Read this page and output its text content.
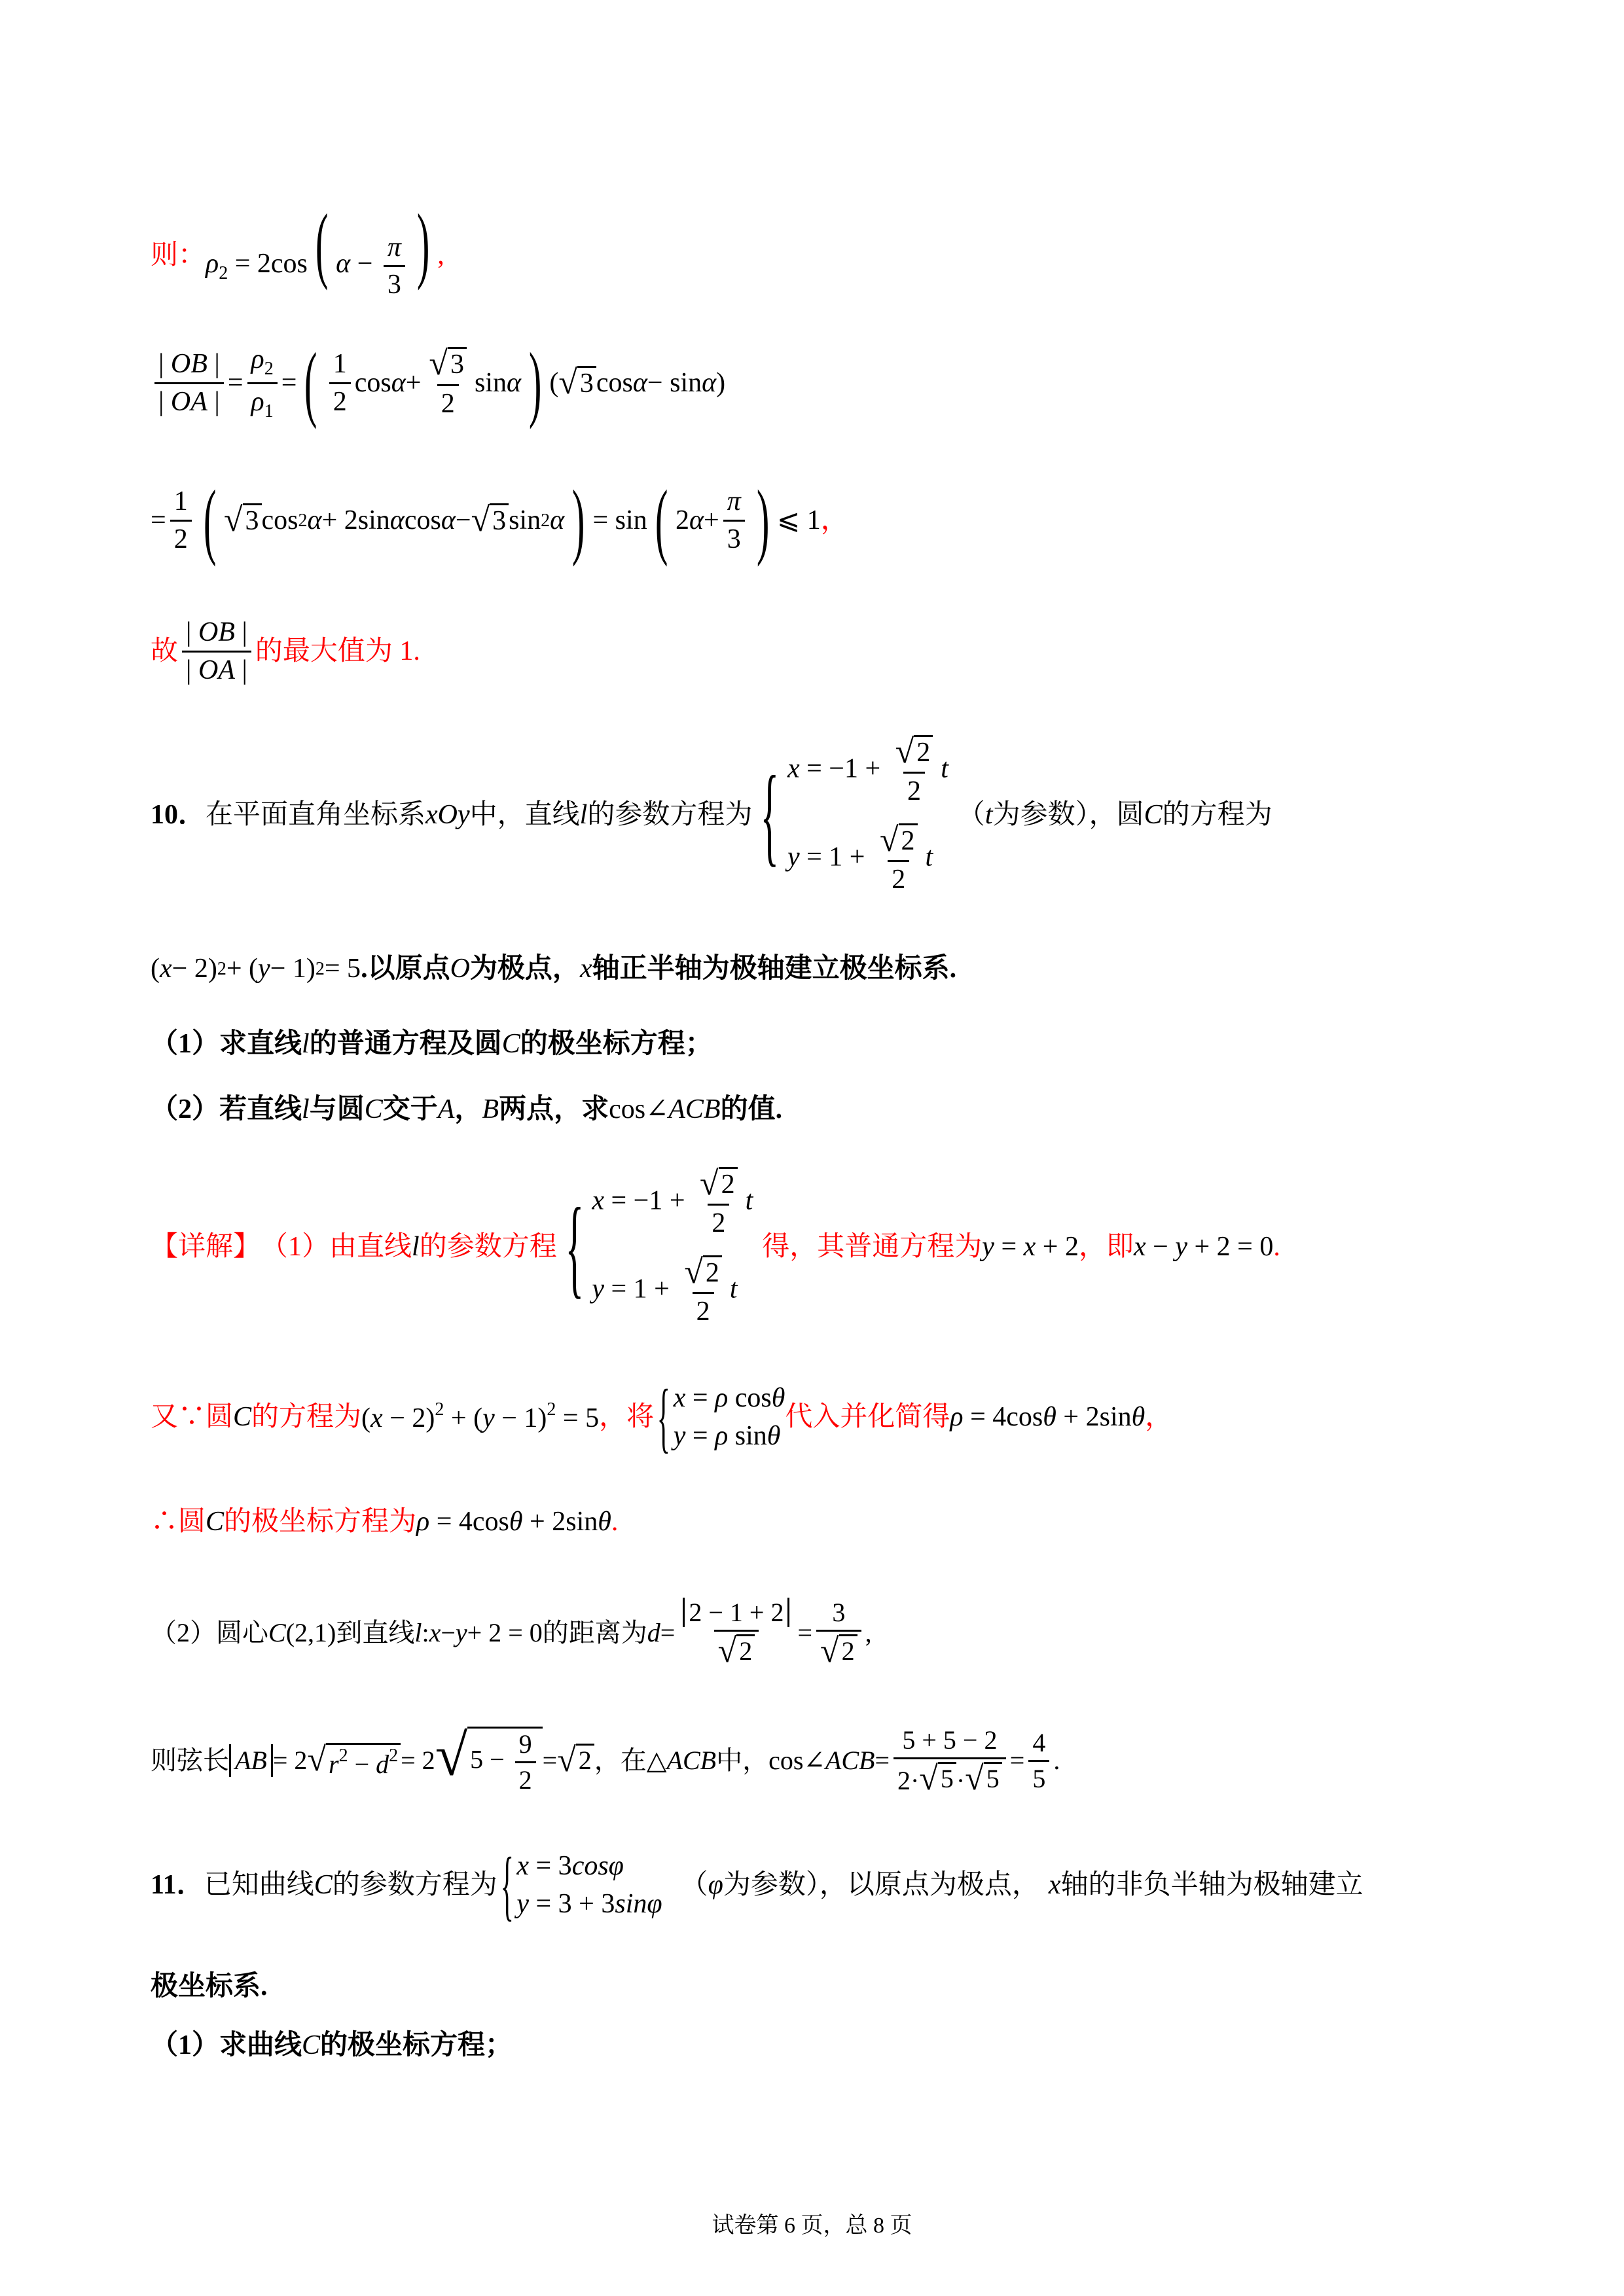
则： $\rho_2 = 2\cos$( $\alpha - \frac{\pi}{3}$ ) ,
$\frac{| OB |}{| OA |} = \frac{\rho_2}{\rho_1}$ = ( $\frac{1}{2}$ $\cos \alpha + \frac{√ 3}{2}$ sin α ) ( √ 3 cos α − sin α )
= $\frac{1}{2}$ ( √ 3 cos 2 α + 2sin α cos α − √ 3 sin 2 α ) = sin ( 2 $\alpha + \frac{\pi}{3}$ ) ⩽ 1 ，
故 $\frac{| OB |}{| OA |}$ 的最大值为 1.
10． 在平面直角坐标系 xOy 中，直线 l 的参数方程为 { $x = -1 + \frac{√ 2}{2}$ t
$y = 1 + \frac{√ 2}{2}$ t
（ t 为参数），圆 C 的方程为
( x − 2) 2 + ( y − 1) 2 = 5 .以原点 O 为极点， x 轴正半轴为极轴建立极坐标系.
（1）求直线 l 的普通方程及圆 C 的极坐标方程；
（2）若直线 l 与圆 C 交于 A ， B 两点，求 cos∠ACB 的值.
【详解】 （1）由直线 l 的参数方程 { $x = -1 + \frac{√ 2}{2}$ t
$y = 1 + \frac{√ 2}{2}$ t
得，其普通方程为 y = x + 2 ，即 x − y + 2 = 0 .
又∵圆 C 的方程为 $(x - 2)^2 + (y - 1)^2 = 5$ ，将 { x = ρ cosθ
y = ρ sinθ
代入并化简得 ρ = 4cosθ + 2sinθ ，
∴圆 C 的极坐标方程为 ρ = 4cosθ + 2sinθ .
（2）圆心 C (2,1) 到直线 l : x − y + 2 = 0 的距离为 $d = \frac{2 - 1 + 2}{√ 2} = \frac{3}{√ 2}$ ,
则弦长 AB = 2 √ $r^2 - d^2 = 2$ √ $5 - \frac{9}{2}$ = √ 2 ，在 △ ACB 中， cos∠ ACB = $\frac{5 + 5 - 2}{2\cdot √ 5 \cdot √ 5} = \frac{4}{5}$ .
11． 已知曲线 C 的参数方程为 { x = 3cosφ
y = 3 + 3sinφ
（ φ 为参数），以原点为极点， x 轴的非负半轴为极轴建立
极坐标系.
（1）求曲线 C 的极坐标方程；
试卷第 6 页，总 8 页
